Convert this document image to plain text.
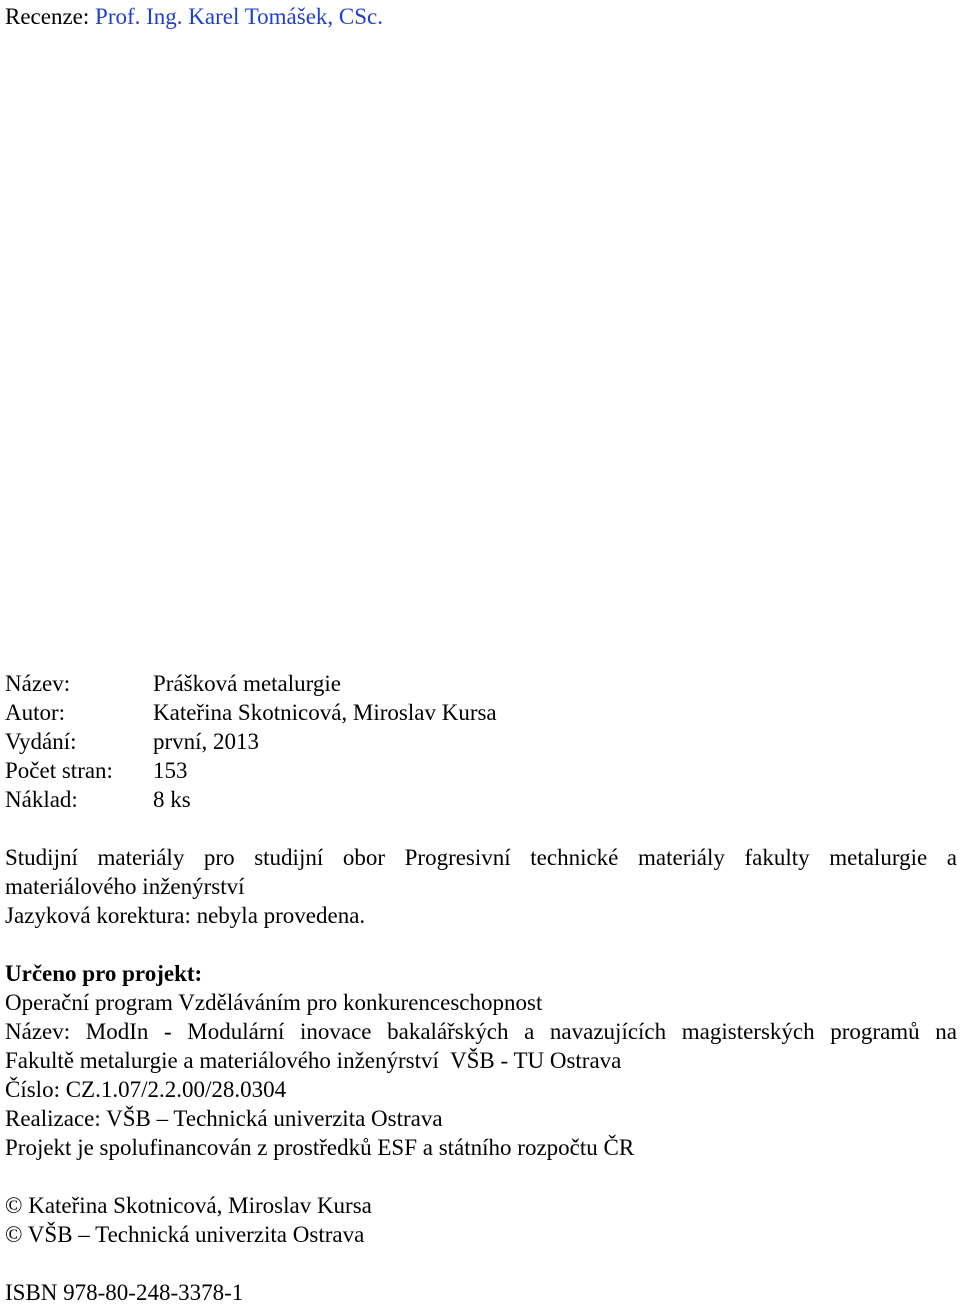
Recenze: Prof. Ing. Karel Tomášek, CSc.
Název:	Prášková metalurgie
Autor:	Kateřina Skotnicová, Miroslav Kursa
Vydání:	první, 2013
Počet stran: 153
Náklad:	8 ks
Studijní materiály pro studijní obor Progresivní technické materiály fakulty metalurgie a
materiálového inženýrství
Jazyková korektura: nebyla provedena.
Určeno pro projekt:
Operační program Vzděláváním pro konkurenceschopnost
Název: ModIn - Modulární inovace bakalářských a navazujících magisterských programů na
Fakultě metalurgie a materiálového inženýrství  VŠB - TU Ostrava
Číslo: CZ.1.07/2.2.00/28.0304
Realizace: VŠB – Technická univerzita Ostrava
Projekt je spolufinancován z prostředků ESF a státního rozpočtu ČR
© Kateřina Skotnicová, Miroslav Kursa
© VŠB – Technická univerzita Ostrava
ISBN 978-80-248-3378-1
